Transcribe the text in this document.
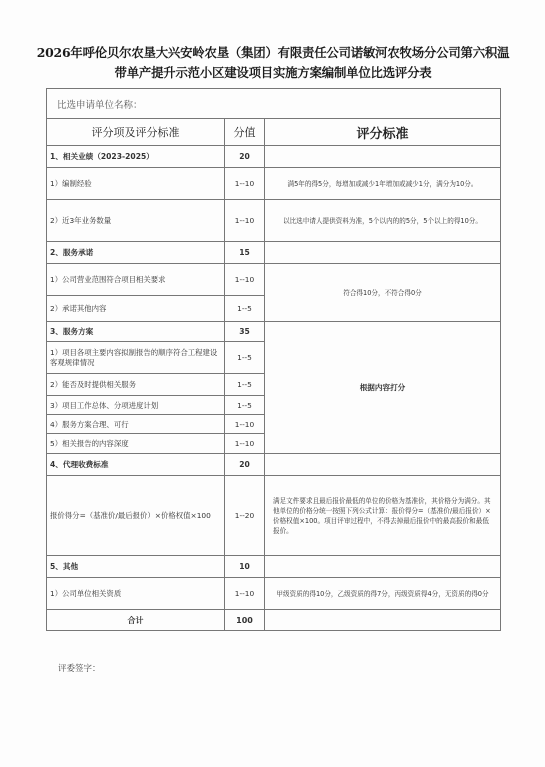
2026年呼伦贝尔农垦大兴安岭农垦（集团）有限责任公司诺敏河农牧场分公司第六积温带单产提升示范小区建设项目实施方案编制单位比选评分表
比选申请单位名称：		
评分项及评分标准	分值	评分标准
1、相关业绩（2023-2025）	20	
1）编制经验	1--10	满5年的得5分，每增加或减少1年增加或减少1分，满分为10分。
2）近3年业务数量	1--10	以比选申请人提供资料为准，5个以内的的5分，5个以上的得10分。
2、服务承诺	15	
1）公司营业范围符合项目相关要求	1--10	符合得10分，不符合得0分
2）承诺其他内容	1--5	
3、服务方案	35	根据内容打分
1）项目各项主要内容拟制报告的顺序符合工程建设客观规律情况	1--5	
2）能否及时提供相关服务	1--5	
3）项目工作总体、分项进度计划	1--5	
4）服务方案合理、可行	1--10	
5）相关报告的内容深度	1--10	
4、代理收费标准	20	
报价得分=（基准价/最后报价）×价格权值×100	1--20	满足文件要求且最后报价最低的单位的价格为基准价，其价格分为满分。其他单位的价格分统一按照下列公式计算：报价得分=（基准价/最后报价）×价格权值×100。项目评审过程中，不得去掉最后报价中的最高报价和最低报价。
5、其他	10	
1）公司单位相关资质	1--10	甲级资质的得10分，乙级资质的得7分，丙级资质得4分，无资质的得0分
合计	100	
评委签字：
